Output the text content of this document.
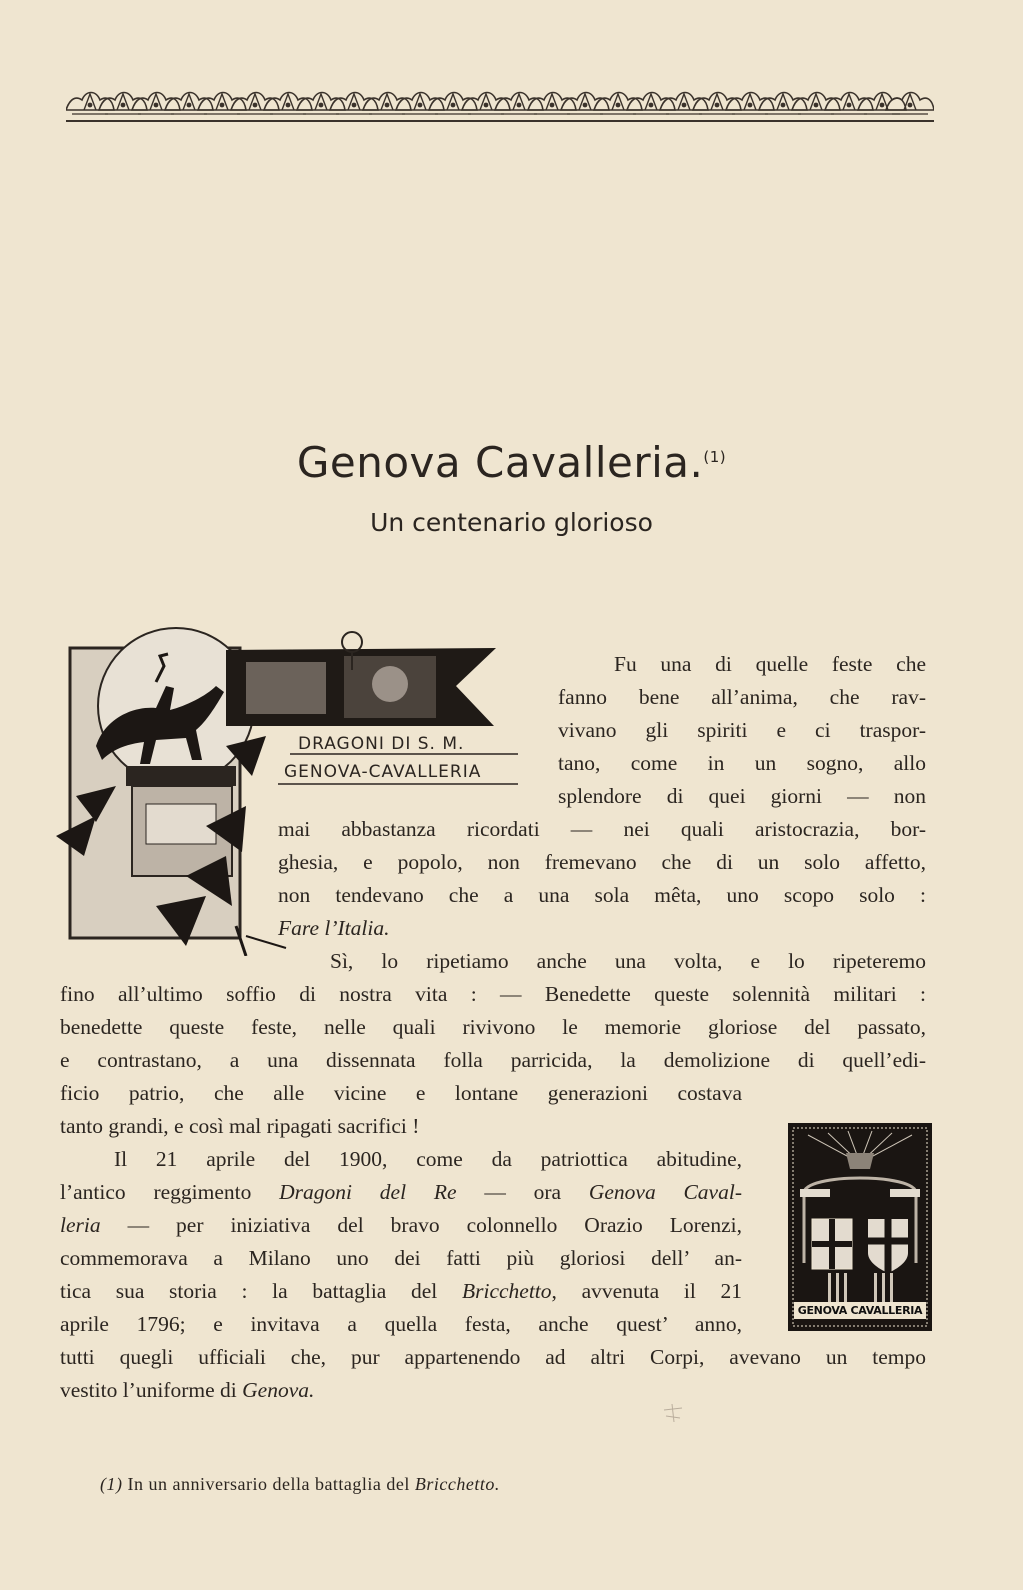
Genova Cavalleria.$^{(1)}$
Un centenario glorioso
DRAGONI DI S. M.
GENOVA-CAVALLERIA
Fu una di quelle feste che
fanno bene all’anima, che rav-
vivano gli spiriti e ci traspor-
tano, come in un sogno, allo
splendore di quei giorni — non
mai abbastanza ricordati — nei quali aristocrazia, bor-
ghesia, e popolo, non fremevano che di un solo affetto,
non tendevano che a una sola mêta, uno scopo solo :
Fare l’Italia.
Sì, lo ripetiamo anche una volta, e lo ripeteremo
fino all’ultimo soffio di nostra vita : — Benedette queste solennità militari :
benedette queste feste, nelle quali rivivono le memorie gloriose del passato,
e contrastano, a una dissennata folla parricida, la demolizione di quell’edi-
ficio patrio, che alle vicine e lontane generazioni costava
tanto grandi, e così mal ripagati sacrifici !
Il 21 aprile del 1900, come da patriottica abitudine,
l’antico reggimento Dragoni del Re — ora Genova Caval-
leria — per iniziativa del bravo colonnello Orazio Lorenzi,
commemorava a Milano uno dei fatti più gloriosi dell’ an-
tica sua storia : la battaglia del Bricchetto, avvenuta il 21
aprile 1796; e invitava a quella festa, anche quest’ anno,
tutti quegli ufficiali che, pur appartenendo ad altri Corpi, avevano un tempo
vestito l’uniforme di Genova.
GENOVA CAVALLERIA
(1) In un anniversario della battaglia del Bricchetto.
